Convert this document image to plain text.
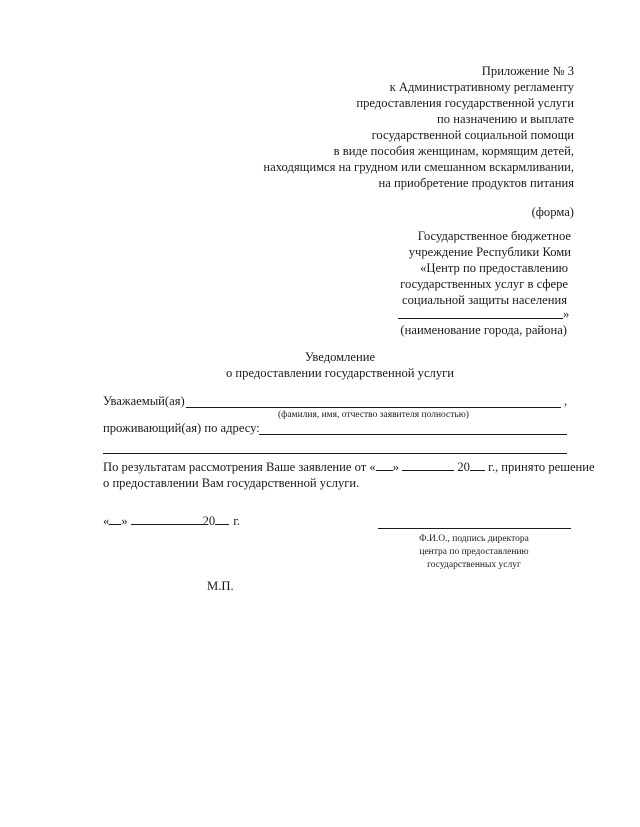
Приложение № 3
к Административному регламенту
предоставления государственной услуги
по назначению и выплате
государственной социальной помощи
в виде пособия женщинам, кормящим детей,
находящимся на грудном или смешанном вскармливании,
на приобретение продуктов питания
(форма)
Государственное бюджетное
учреждение Республики Коми
«Центр по предоставлению
государственных услуг в сфере
социальной защиты населения
»
(наименование города, района)
Уведомление
о предоставлении государственной услуги
Уважаемый(ая)	,
(фамилия, имя, отчество заявителя полностью)
проживающий(ая) по адресу:
По результатам рассмотрения Ваше заявление от « »	20 г., принято решение
о предоставлении Вам государственной услуги.
« »	20 г.
Ф.И.О., подпись директора
центра по предоставлению
государственных услуг
М.П.
